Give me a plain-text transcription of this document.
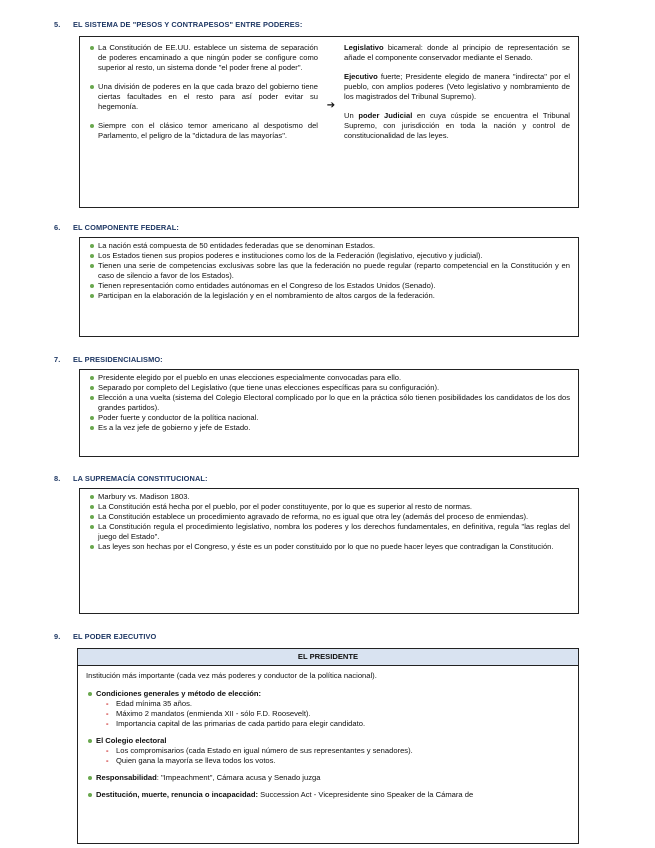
5. EL SISTEMA DE "PESOS Y CONTRAPESOS" ENTRE PODERES:
La Constitución de EE.UU. establece un sistema de separación de poderes encaminado a que ningún poder se configure como superior al resto, un sistema donde "el poder frene al poder".
Una división de poderes en la que cada brazo del gobierno tiene ciertas facultades en el resto para así poder evitar su hegemonía.
Siempre con el clásico temor americano al despotismo del Parlamento, el peligro de la "dictadura de las mayorías".
➔

Legislativo bicameral: donde al principio de representación se añade el componente conservador mediante el Senado.

Ejecutivo fuerte; Presidente elegido de manera "indirecta" por el pueblo, con amplios poderes (Veto legislativo y nombramiento de los magistrados del Tribunal Supremo).

Un poder Judicial en cuya cúspide se encuentra el Tribunal Supremo, con jurisdicción en toda la nación y control de constitucionalidad de las leyes.

6. EL COMPONENTE FEDERAL:
La nación está compuesta de 50 entidades federadas que se denominan Estados.
Los Estados tienen sus propios poderes e instituciones como los de la Federación (legislativo, ejecutivo y judicial).
Tienen una serie de competencias exclusivas sobre las que la federación no puede regular (reparto competencial en la Constitución y en caso de silencio a favor de los Estados).
Tienen representación como entidades autónomas en el Congreso de los Estados Unidos (Senado).
Participan en la elaboración de la legislación y en el nombramiento de altos cargos de la federación.
7. EL PRESIDENCIALISMO:
Presidente elegido por el pueblo en unas elecciones especialmente convocadas para ello.
Separado por completo del Legislativo (que tiene unas elecciones específicas para su configuración).
Elección a una vuelta (sistema del Colegio Electoral complicado por lo que en la práctica sólo tienen posibilidades los candidatos de los dos grandes partidos).
Poder fuerte y conductor de la política nacional.
Es a la vez jefe de gobierno y jefe de Estado.
8. LA SUPREMACÍA CONSTITUCIONAL:
Marbury vs. Madison 1803.
La Constitución está hecha por el pueblo, por el poder constituyente, por lo que es superior al resto de normas.
La Constitución establece un procedimiento agravado de reforma, no es igual que otra ley (además del proceso de enmiendas).
La Constitución regula el procedimiento legislativo, nombra los poderes y los derechos fundamentales, en definitiva, regula "las reglas del juego del Estado".
Las leyes son hechas por el Congreso, y éste es un poder constituido por lo que no puede hacer leyes que contradigan la Constitución.
9. EL PODER EJECUTIVO
EL PRESIDENTE

Institución más importante (cada vez más poderes y conductor de la política nacional).

Condiciones generales y método de elección:
- Edad mínima 35 años.
- Máximo 2 mandatos (enmienda XII - sólo F.D. Roosevelt).
- Importancia capital de las primarias de cada partido para elegir candidato.
El Colegio electoral
- Los compromisarios (cada Estado en igual número de sus representantes y senadores).
- Quien gana la mayoría se lleva todos los votos.
Responsabilidad: "Impeachment", Cámara acusa y Senado juzga
Destitución, muerte, renuncia o incapacidad: Succession Act - Vicepresidente sino Speaker de la Cámara de
